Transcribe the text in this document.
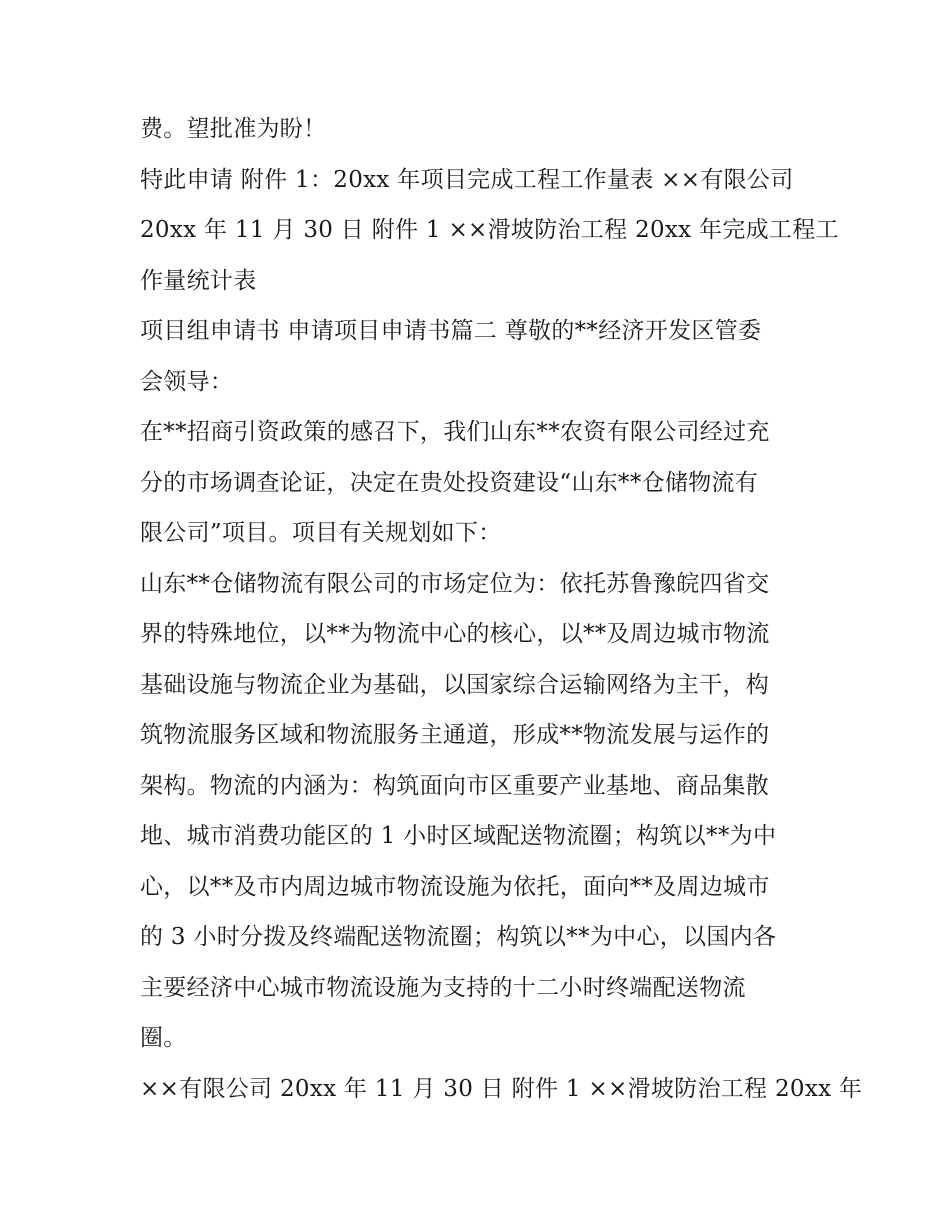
费。望批准为盼！

特此申请 附件 1：20xx 年项目完成工程工作量表 ××有限公司

20xx 年 11 月 30 日 附件 1 ××滑坡防治工程 20xx 年完成工程工

作量统计表

项目组申请书 申请项目申请书篇二 尊敬的**经济开发区管委

会领导：

在**招商引资政策的感召下，我们山东**农资有限公司经过充

分的市场调查论证，决定在贵处投资建设“山东**仓储物流有

限公司”项目。项目有关规划如下：

山东**仓储物流有限公司的市场定位为：依托苏鲁豫皖四省交

界的特殊地位，以**为物流中心的核心，以**及周边城市物流

基础设施与物流企业为基础，以国家综合运输网络为主干，构

筑物流服务区域和物流服务主通道，形成**物流发展与运作的

架构。物流的内涵为：构筑面向市区重要产业基地、商品集散

地、城市消费功能区的 1 小时区域配送物流圈；构筑以**为中

心，以**及市内周边城市物流设施为依托，面向**及周边城市

的 3 小时分拨及终端配送物流圈；构筑以**为中心，以国内各

主要经济中心城市物流设施为支持的十二小时终端配送物流

圈。

××有限公司 20xx 年 11 月 30 日 附件 1 ××滑坡防治工程 20xx 年
